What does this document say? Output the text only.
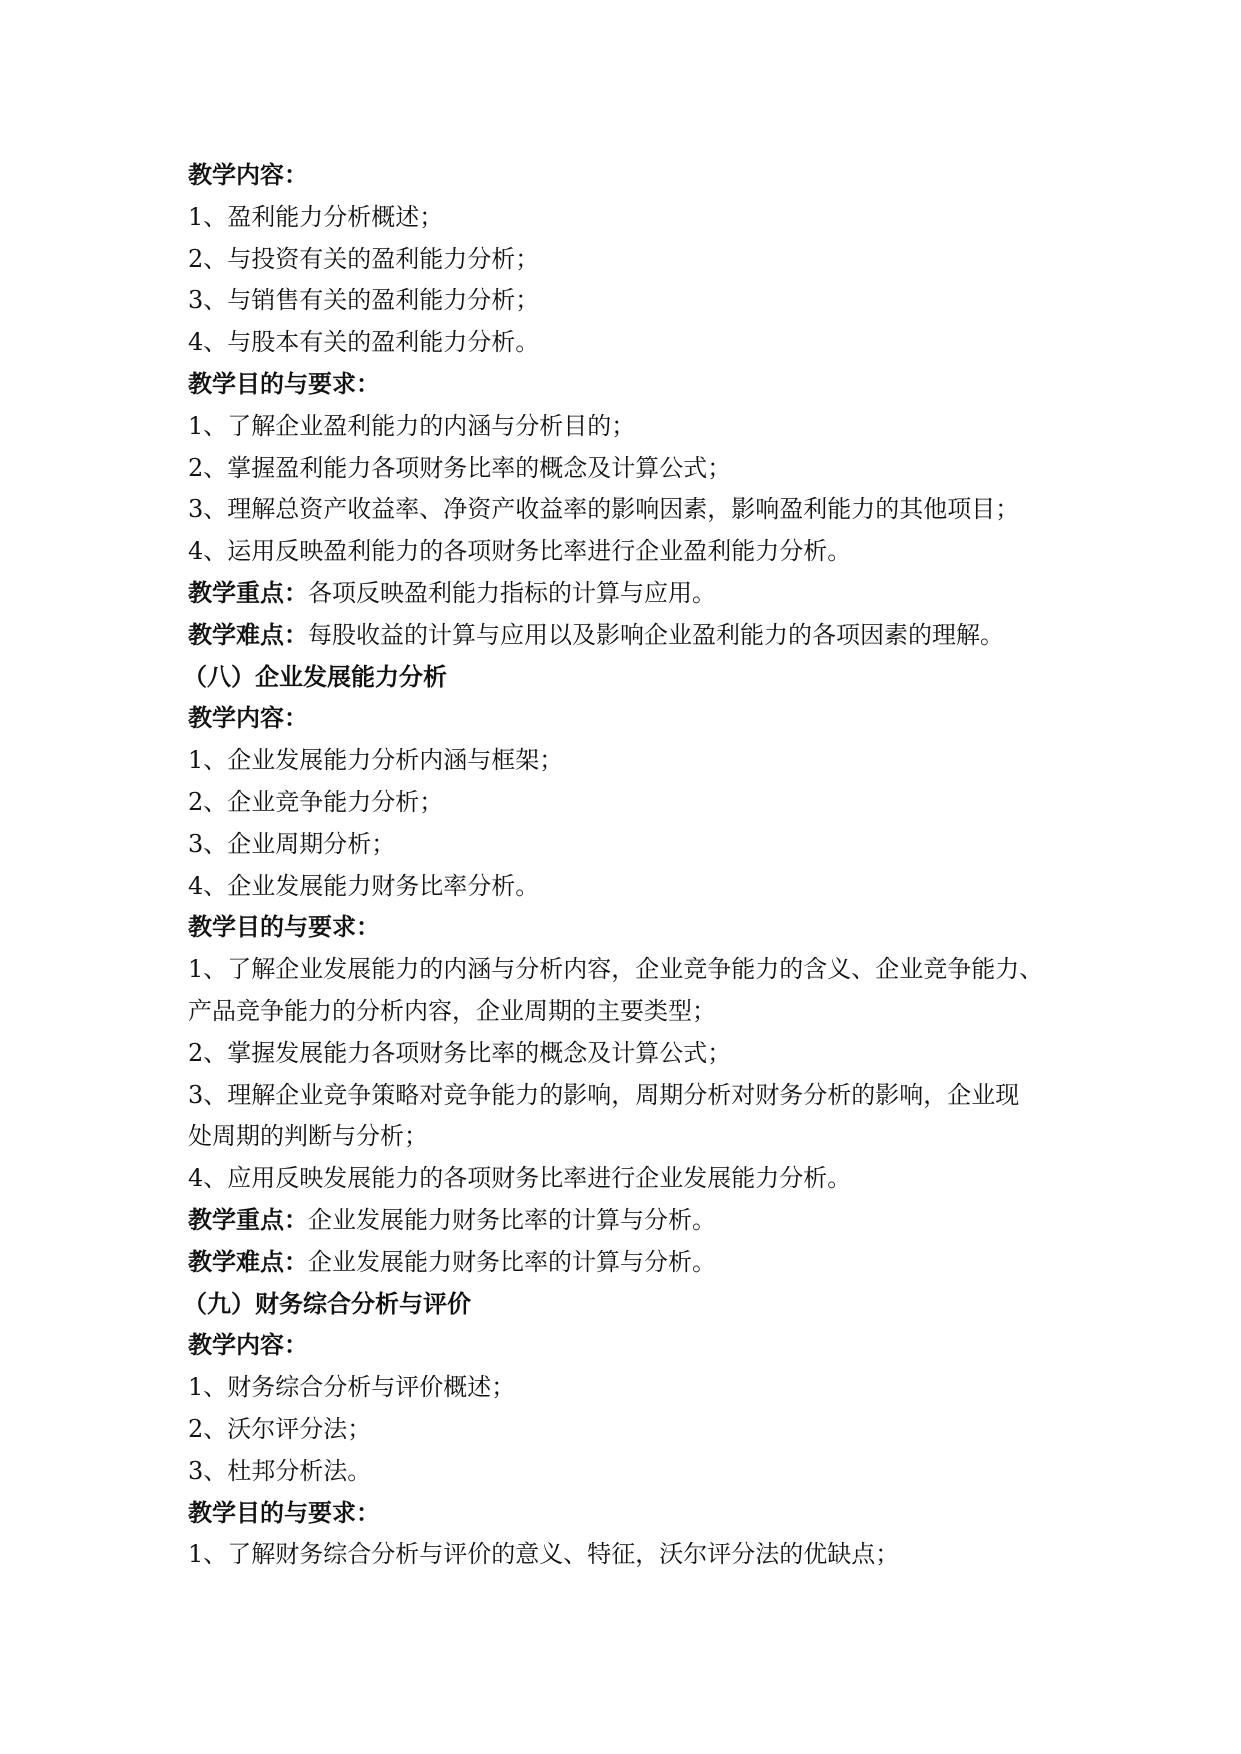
教学内容：
1、盈利能力分析概述；
2、与投资有关的盈利能力分析；
3、与销售有关的盈利能力分析；
4、与股本有关的盈利能力分析。
教学目的与要求：
1、了解企业盈利能力的内涵与分析目的；
2、掌握盈利能力各项财务比率的概念及计算公式；
3、理解总资产收益率、净资产收益率的影响因素，影响盈利能力的其他项目；
4、运用反映盈利能力的各项财务比率进行企业盈利能力分析。
教学重点：各项反映盈利能力指标的计算与应用。
教学难点：每股收益的计算与应用以及影响企业盈利能力的各项因素的理解。
（八）企业发展能力分析
教学内容：
1、企业发展能力分析内涵与框架；
2、企业竞争能力分析；
3、企业周期分析；
4、企业发展能力财务比率分析。
教学目的与要求：
1、了解企业发展能力的内涵与分析内容，企业竞争能力的含义、企业竞争能力、
产品竞争能力的分析内容，企业周期的主要类型；
2、掌握发展能力各项财务比率的概念及计算公式；
3、理解企业竞争策略对竞争能力的影响，周期分析对财务分析的影响，企业现
处周期的判断与分析；
4、应用反映发展能力的各项财务比率进行企业发展能力分析。
教学重点：企业发展能力财务比率的计算与分析。
教学难点：企业发展能力财务比率的计算与分析。
（九）财务综合分析与评价
教学内容：
1、财务综合分析与评价概述；
2、沃尔评分法；
3、杜邦分析法。
教学目的与要求：
1、了解财务综合分析与评价的意义、特征，沃尔评分法的优缺点；
